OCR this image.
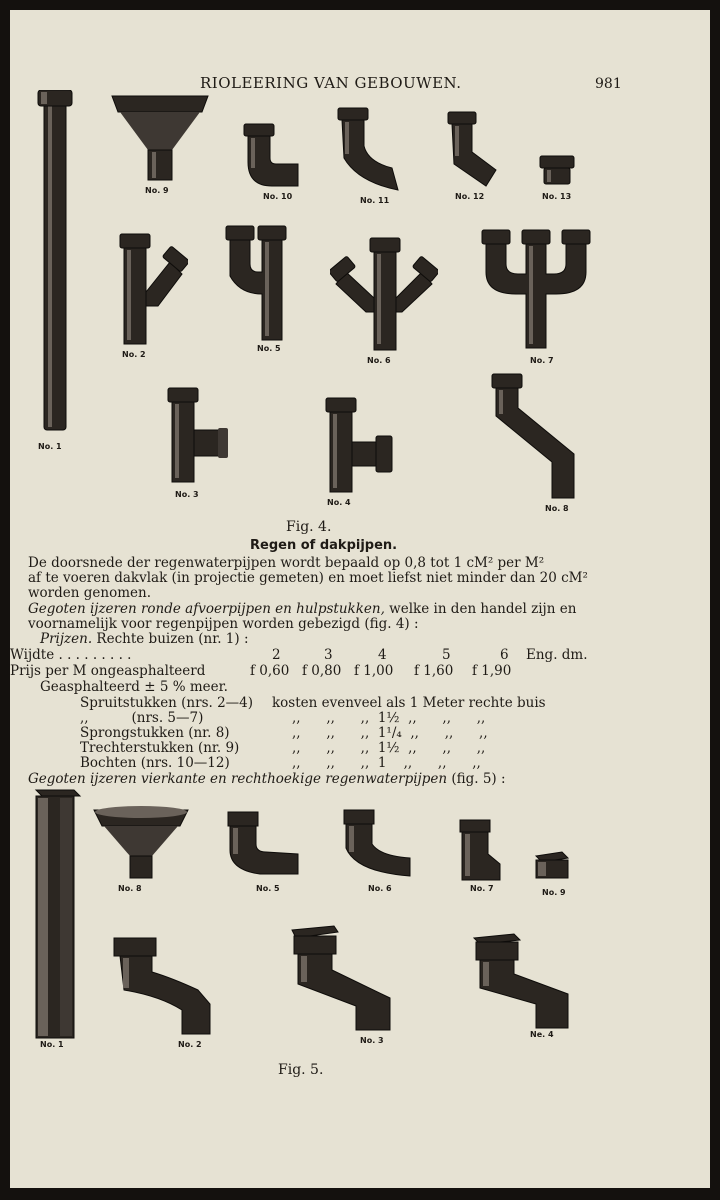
RIOLEERING VAN GEBOUWEN.	981
No. 1
No. 9
No. 10	No. 11	No. 12	No. 13
No. 2
No. 5
No. 6	No. 7
No. 3
No. 4
No. 8
Fig. 4.
Regen of dakpijpen.
De doorsnede der regenwaterpijpen wordt bepaald op 0,8 tot 1 cM² per M²
af te voeren dakvlak (in projectie gemeten) en moet liefst niet minder dan 20 cM²
worden genomen.
Gegoten ijzeren ronde afvoerpijpen en hulpstukken, welke in den handel zijn en
voornamelijk voor regenpijpen worden gebezigd (fig. 4) :
Prijzen. Rechte buizen (nr. 1) :
Wijdte . . . . . . . . .	2	3	4	5	6 Eng. dm.
Prijs per M ongeasphalteerd	f 0,60 f 0,80 f 1,00 f 1,60 f 1,90
Geasphalteerd ± 5 % meer.
Spruitstukken (nrs. 2—4) kosten evenveel als 1 Meter rechte buis
,,          (nrs. 5—7)	,,      ,,      ,,  1½  ,,      ,,      ,,
Sprongstukken (nr. 8)	,,      ,,      ,,  1¹/₄  ,,      ,,      ,,
Trechterstukken (nr. 9)	,,      ,,      ,,  1½  ,,      ,,      ,,
Bochten (nrs. 10—12)	,,      ,,      ,,  1    ,,      ,,      ,,
Gegoten ijzeren vierkante en rechthoekige regenwaterpijpen (fig. 5) :
No. 1
No. 8	No. 5	No. 6	No. 7	No. 9
No. 2	No. 3
Ne. 4
Fig. 5.
